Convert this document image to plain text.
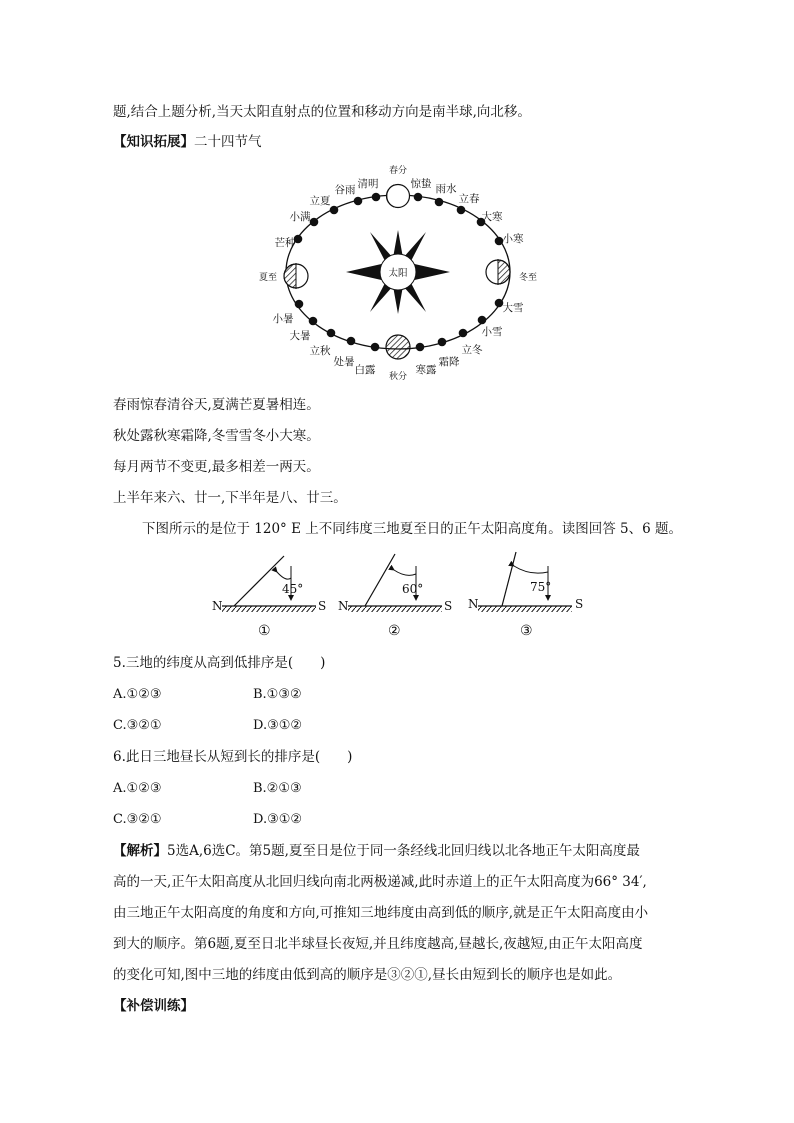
题,结合上题分析,当天太阳直射点的位置和移动方向是南半球,向北移。
【知识拓展】二十四节气
太阳
春分
夏至
秋分
冬至
清明
谷雨
立夏
小满
芒种
小暑
大暑
立秋
处暑
白露	寒露
霜降
立冬
小雪
大雪
小寒
大寒
立春
雨水
惊蛰
春雨惊春清谷天,夏满芒夏暑相连。
秋处露秋寒霜降,冬雪雪冬小大寒。
每月两节不变更,最多相差一两天。
上半年来六、廿一,下半年是八、廿三。
下图所示的是位于 120° E 上不同纬度三地夏至日的正午太阳高度角。读图回答 5、6 题。
N	S
45°
①
N	S
60°
②
N	S
75°
③
5.三地的纬度从高到低排序是(　　)
A.①②③	B.①③②
C.③②①	D.③①②
6.此日三地昼长从短到长的排序是(　　)
A.①②③	B.②①③
C.③②①	D.③①②
【解析】5选A,6选C。第5题,夏至日是位于同一条经线北回归线以北各地正午太阳高度最
高的一天,正午太阳高度从北回归线向南北两极递减,此时赤道上的正午太阳高度为66° 34′,
由三地正午太阳高度的角度和方向,可推知三地纬度由高到低的顺序,就是正午太阳高度由小
到大的顺序。第6题,夏至日北半球昼长夜短,并且纬度越高,昼越长,夜越短,由正午太阳高度
的变化可知,图中三地的纬度由低到高的顺序是③②①,昼长由短到长的顺序也是如此。
【补偿训练】
